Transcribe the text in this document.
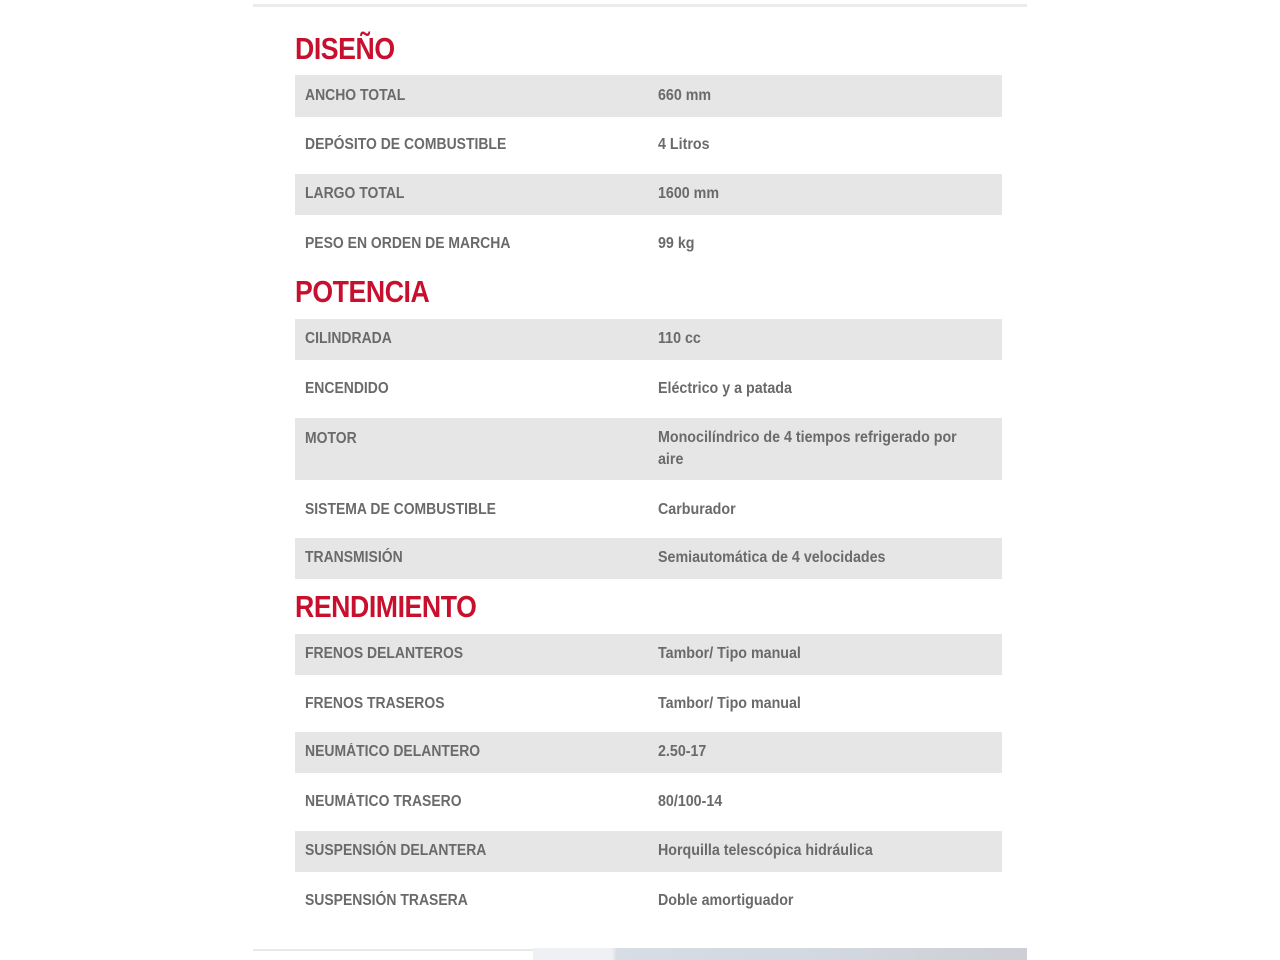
DISEÑO
ANCHO TOTAL	660 mm
DEPÓSITO DE COMBUSTIBLE	4 Litros
LARGO TOTAL	1600 mm
PESO EN ORDEN DE MARCHA	99 kg
POTENCIA
CILINDRADA	110 cc
ENCENDIDO	Eléctrico y a patada
MOTOR	Monocilíndrico de 4 tiempos refrigerado por aire
SISTEMA DE COMBUSTIBLE	Carburador
TRANSMISIÓN	Semiautomática de 4 velocidades
RENDIMIENTO
FRENOS DELANTEROS	Tambor/ Tipo manual
FRENOS TRASEROS	Tambor/ Tipo manual
NEUMÁTICO DELANTERO	2.50-17
NEUMÁTICO TRASERO	80/100-14
SUSPENSIÓN DELANTERA	Horquilla telescópica hidráulica
SUSPENSIÓN TRASERA	Doble amortiguador
